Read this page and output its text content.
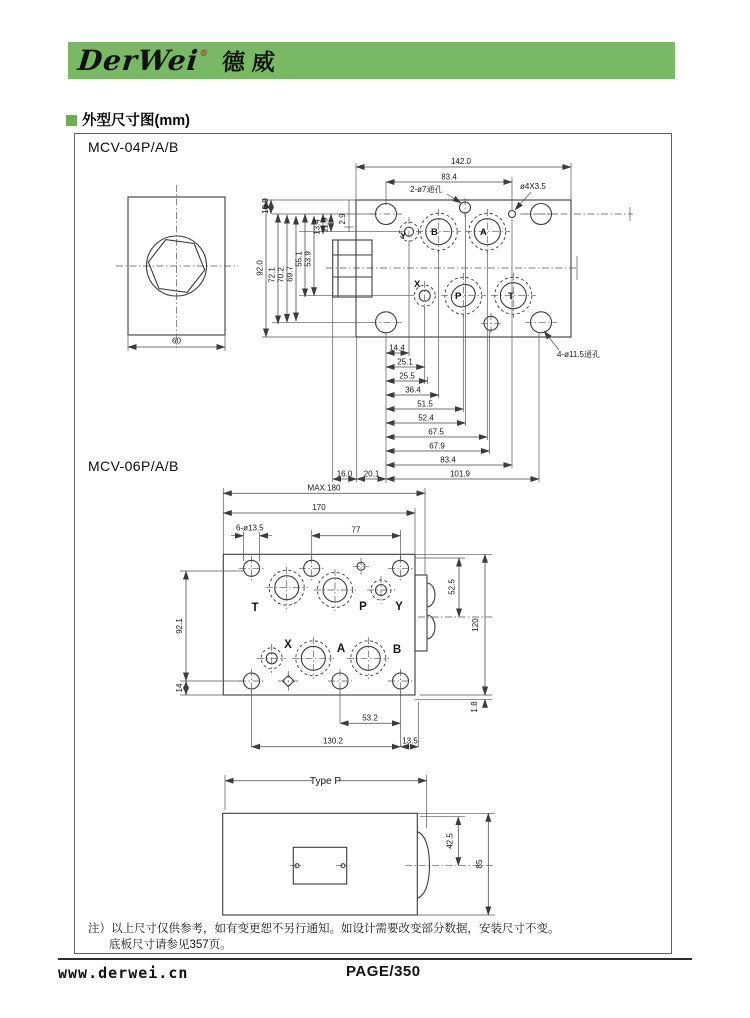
DerWei® 德威
外型尺寸图(mm)
MCV-04P/A/B
MCV-06P/A/B
60
Y	B	A
X
P	T
142.0
83.4
2-ø7通孔	ø4X3.5
92.0 72.1 70.2 69.7
55.1 53.9
13.4 11.9
10.9
2.9
14.4
25.1
25.5
36.4
51.5
52.4
67.5
67.9
83.4
101.9
16.0 20.1
4-ø11.5通孔
T	P Y
X	A	B
MAX.180
170
77
6-ø13.5
92.1
14
52.5
120
1.8
53.2
130.2	13.5
Type P
42.5
85
注）以上尺寸仅供参考，如有变更恕不另行通知。如设计需要改变部分数据，安装尺寸不变。
底板尺寸请参见357页。
www.derwei.cn	PAGE/350
